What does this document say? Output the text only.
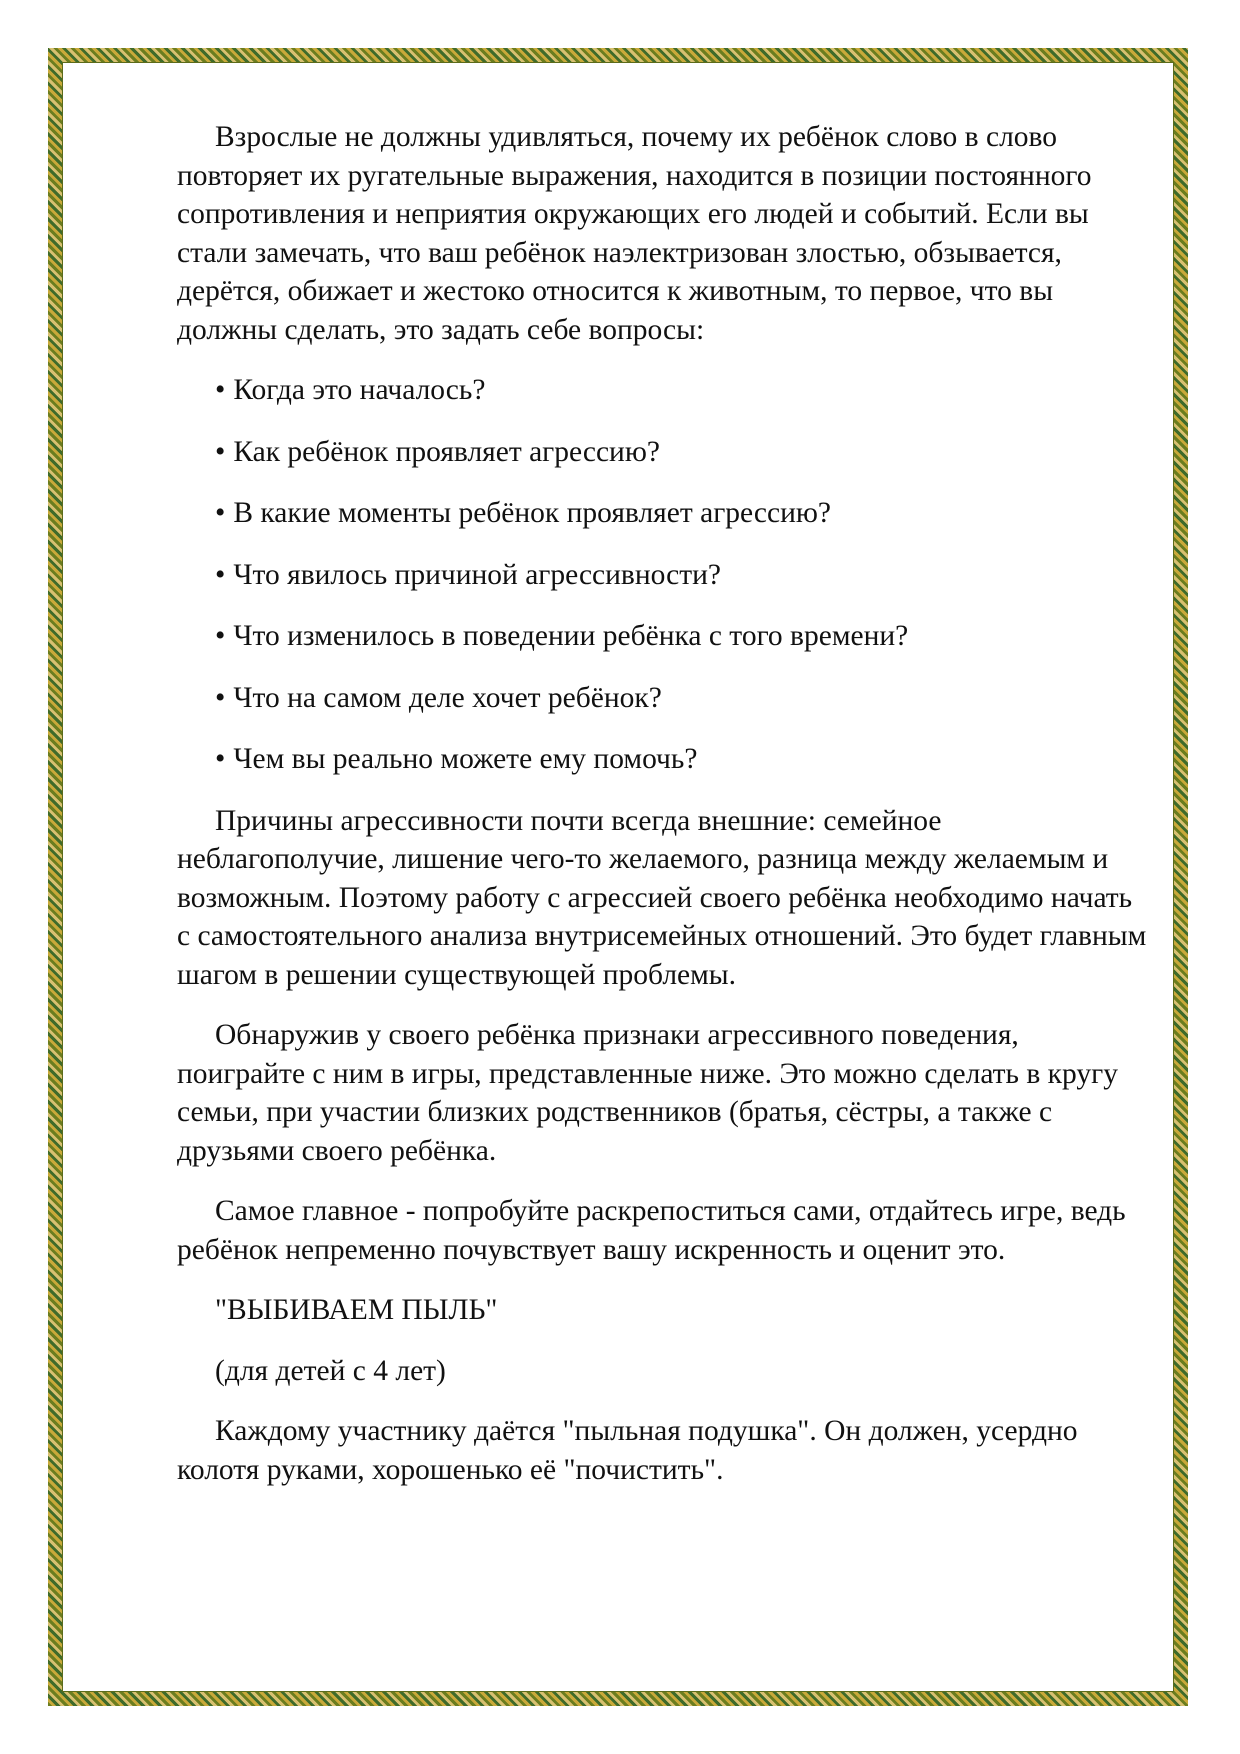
Взрослые не должны удивляться, почему их ребёнок слово в слово повторяет их ругательные выражения, находится в позиции постоянного сопротивления и неприятия окружающих его людей и событий. Если вы стали замечать, что ваш ребёнок наэлектризован злостью, обзывается, дерётся, обижает и жестоко относится к животным, то первое, что вы должны сделать, это задать себе вопросы:

• Когда это началось?
• Как ребёнок проявляет агрессию?
• В какие моменты ребёнок проявляет агрессию?
• Что явилось причиной агрессивности?
• Что изменилось в поведении ребёнка с того времени?
• Что на самом деле хочет ребёнок?
• Чем вы реально можете ему помочь?

Причины агрессивности почти всегда внешние: семейное неблагополучие, лишение чего-то желаемого, разница между желаемым и возможным. Поэтому работу с агрессией своего ребёнка необходимо начать с самостоятельного анализа внутрисемейных отношений. Это будет главным шагом в решении существующей проблемы.

Обнаружив у своего ребёнка признаки агрессивного поведения, поиграйте с ним в игры, представленные ниже. Это можно сделать в кругу семьи, при участии близких родственников (братья, сёстры, а также с друзьями своего ребёнка.

Самое главное - попробуйте раскрепоститься сами, отдайтесь игре, ведь ребёнок непременно почувствует вашу искренность и оценит это.

"ВЫБИВАЕМ ПЫЛЬ"

(для детей с 4 лет)

Каждому участнику даётся "пыльная подушка". Он должен, усердно колотя руками, хорошенько её "почистить".
